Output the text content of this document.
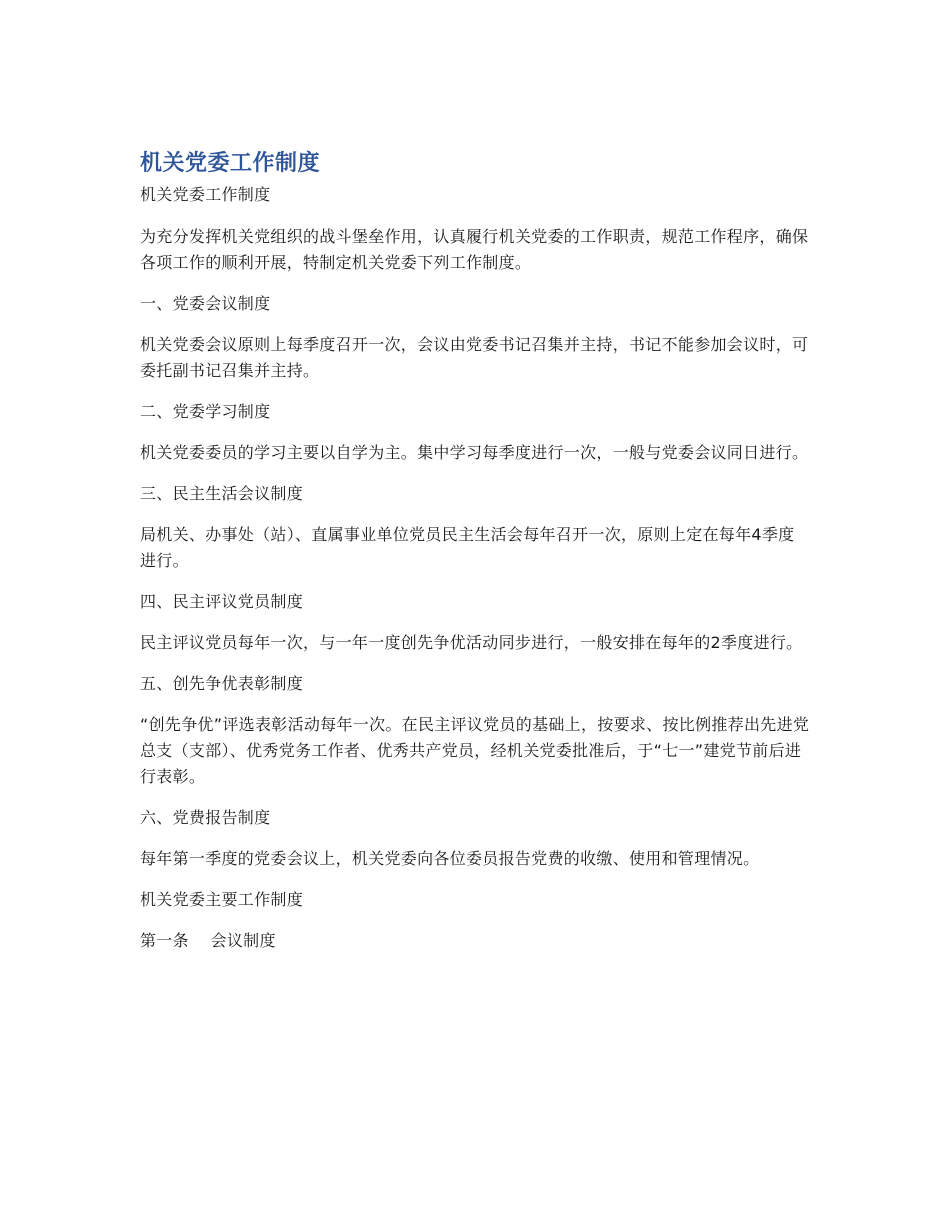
机关党委工作制度

机关党委工作制度

为充分发挥机关党组织的战斗堡垒作用，认真履行机关党委的工作职责，规范工作程序，确保各项工作的顺利开展，特制定机关党委下列工作制度。

一、党委会议制度

机关党委会议原则上每季度召开一次，会议由党委书记召集并主持，书记不能参加会议时，可委托副书记召集并主持。

二、党委学习制度

机关党委委员的学习主要以自学为主。集中学习每季度进行一次，一般与党委会议同日进行。

三、民主生活会议制度

局机关、办事处（站）、直属事业单位党员民主生活会每年召开一次，原则上定在每年4季度进行。

四、民主评议党员制度

民主评议党员每年一次，与一年一度创先争优活动同步进行，一般安排在每年的2季度进行。

五、创先争优表彰制度

“创先争优”评选表彰活动每年一次。在民主评议党员的基础上，按要求、按比例推荐出先进党总支（支部）、优秀党务工作者、优秀共产党员，经机关党委批准后，于“七一”建党节前后进行表彰。

六、党费报告制度

每年第一季度的党委会议上，机关党委向各位委员报告党费的收缴、使用和管理情况。

机关党委主要工作制度

第一条　 会议制度
